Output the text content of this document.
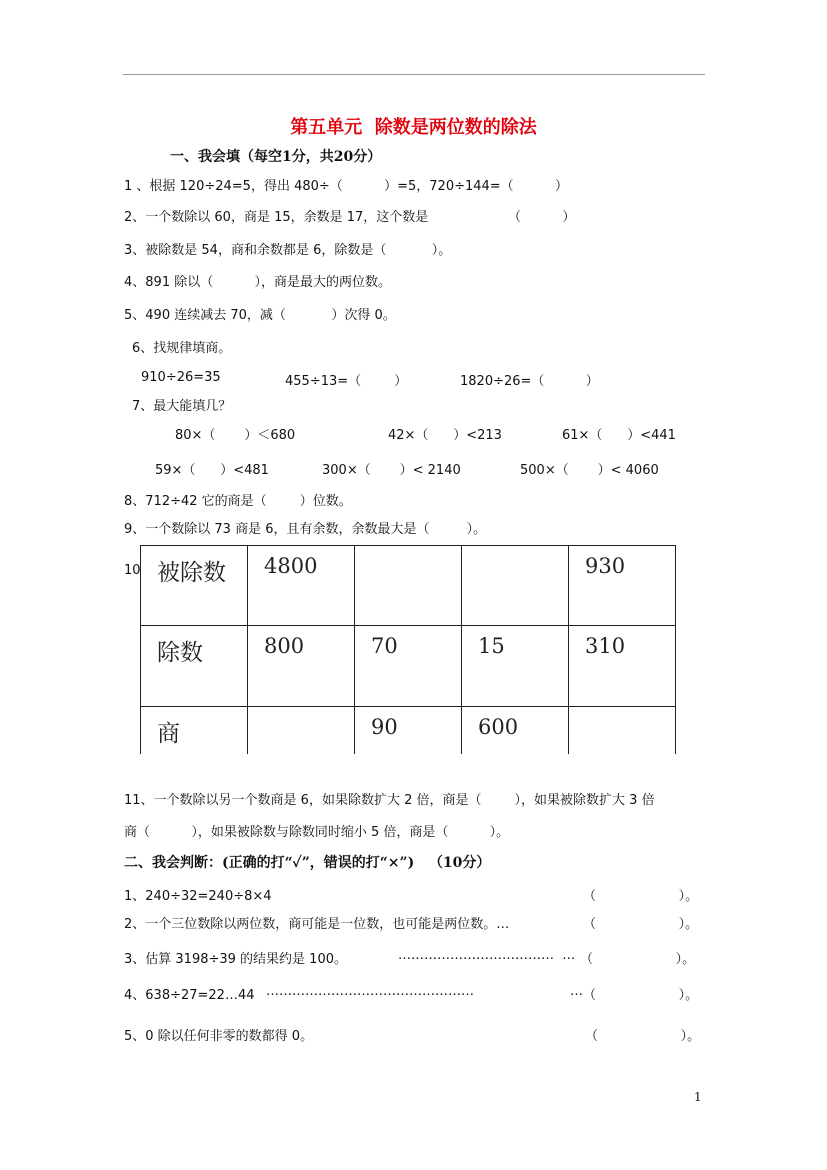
第五单元  除数是两位数的除法
一、我会填（每空1分，共20分）
1 、根据 120÷24=5，得出 480÷（          ）=5，720÷144=（          ）
2、一个数除以 60，商是 15，余数是 17，这个数是	（          ）
3、被除数是 54，商和余数都是 6，除数是（           ）。
4、891 除以（          ），商是最大的两位数。
5、490 连续减去 70，减（           ）次得 0。
6、找规律填商。
910÷26=35	455÷13=（        ）	1820÷26=（          ）
7、最大能填几？
80×（       ）＜680	42×（      ）<213	61×（      ）<441
59×（      ）<481	300×（       ）< 2140	500×（       ）< 4060
8、712÷42 它的商是（        ）位数。
9、一个数除以 73 商是 6，且有余数，余数最大是（         ）。
10 被除数	4800			930
除数	800	70	15	310
商		90	600	
11、一个数除以另一个数商是 6，如果除数扩大 2 倍，商是（        ），如果被除数扩大 3 倍
商（          ），如果被除数与除数同时缩小 5 倍，商是（          ）。
二、我会判断：(正确的打“✓”，错误的打“×”)   （10分）
1、240÷32=240÷8×4	（                    ）。
2、一个三位数除以两位数，商可能是一位数，也可能是两位数。…	（                    ）。
3、估算 3198÷39 的结果约是 100。	………………………………  … （                    ）。
4、638÷27=22…44 …………………………………………	… （                    ）。
5、0 除以任何非零的数都得 0。	（                    ）。
1
